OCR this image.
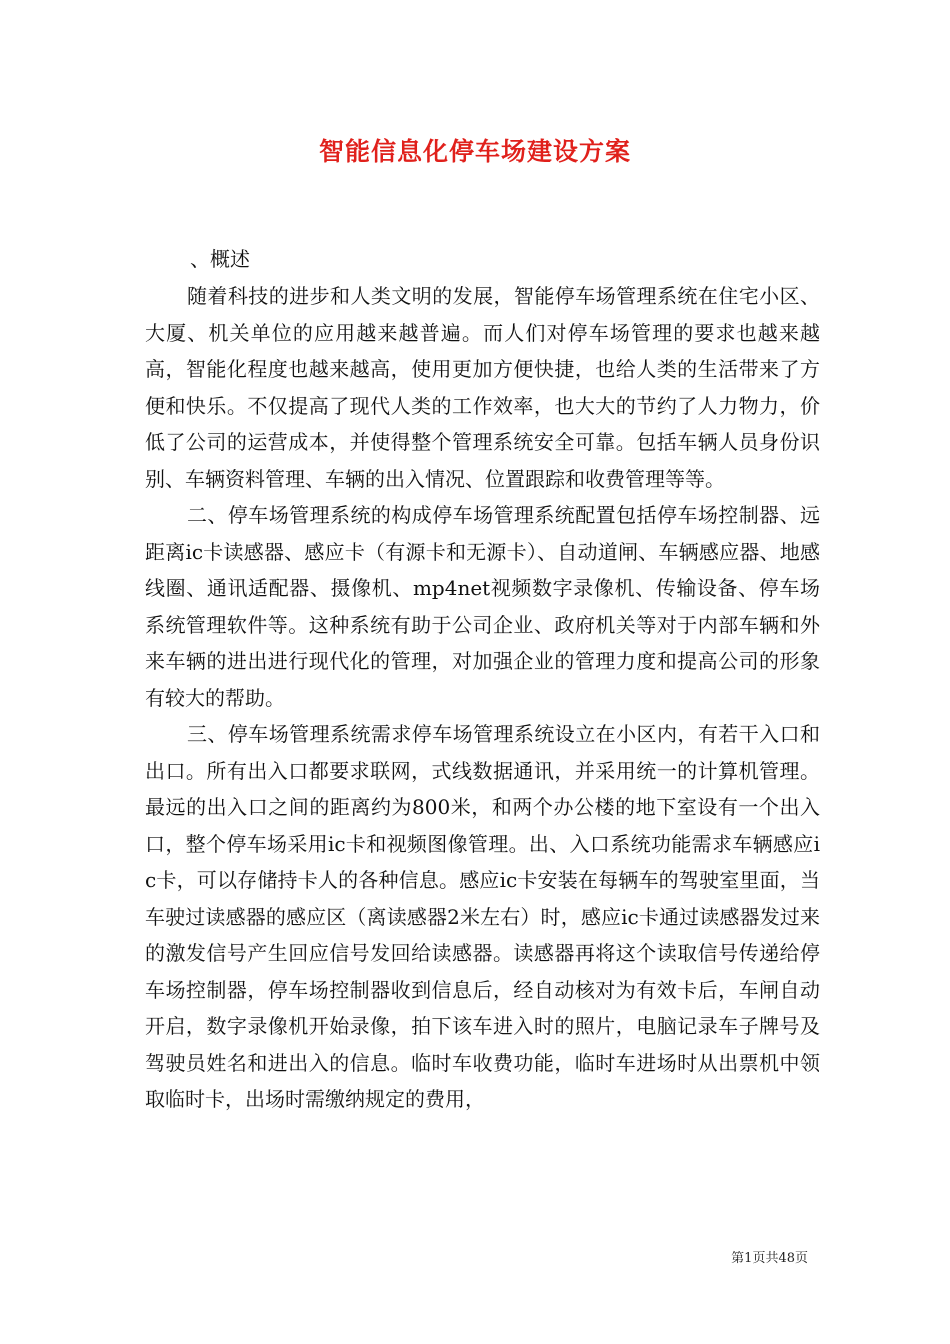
智能信息化停车场建设方案
、概述

随着科技的进步和人类文明的发展，智能停车场管理系统在住宅小区、大厦、机关单位的应用越来越普遍。而人们对停车场管理的要求也越来越高，智能化程度也越来越高，使用更加方便快捷，也给人类的生活带来了方便和快乐。不仅提高了现代人类的工作效率，也大大的节约了人力物力，价低了公司的运营成本，并使得整个管理系统安全可靠。包括车辆人员身份识别、车辆资料管理、车辆的出入情况、位置跟踪和收费管理等等。

二、停车场管理系统的构成停车场管理系统配置包括停车场控制器、远距离ic卡读感器、感应卡（有源卡和无源卡）、自动道闸、车辆感应器、地感线圈、通讯适配器、摄像机、mp4net视频数字录像机、传输设备、停车场系统管理软件等。这种系统有助于公司企业、政府机关等对于内部车辆和外来车辆的进出进行现代化的管理，对加强企业的管理力度和提高公司的形象有较大的帮助。

三、停车场管理系统需求停车场管理系统设立在小区内，有若干入口和出口。所有出入口都要求联网，式线数据通讯，并采用统一的计算机管理。最远的出入口之间的距离约为800米，和两个办公楼的地下室设有一个出入口，整个停车场采用ic卡和视频图像管理。出、入口系统功能需求车辆感应ic卡，可以存储持卡人的各种信息。感应ic卡安装在每辆车的驾驶室里面，当车驶过读感器的感应区（离读感器2米左右）时，感应ic卡通过读感器发过来的激发信号产生回应信号发回给读感器。读感器再将这个读取信号传递给停车场控制器，停车场控制器收到信息后，经自动核对为有效卡后，车闸自动开启，数字录像机开始录像，拍下该车进入时的照片，电脑记录车子牌号及驾驶员姓名和进出入的信息。临时车收费功能，临时车进场时从出票机中领取临时卡，出场时需缴纳规定的费用，

第1页共48页
